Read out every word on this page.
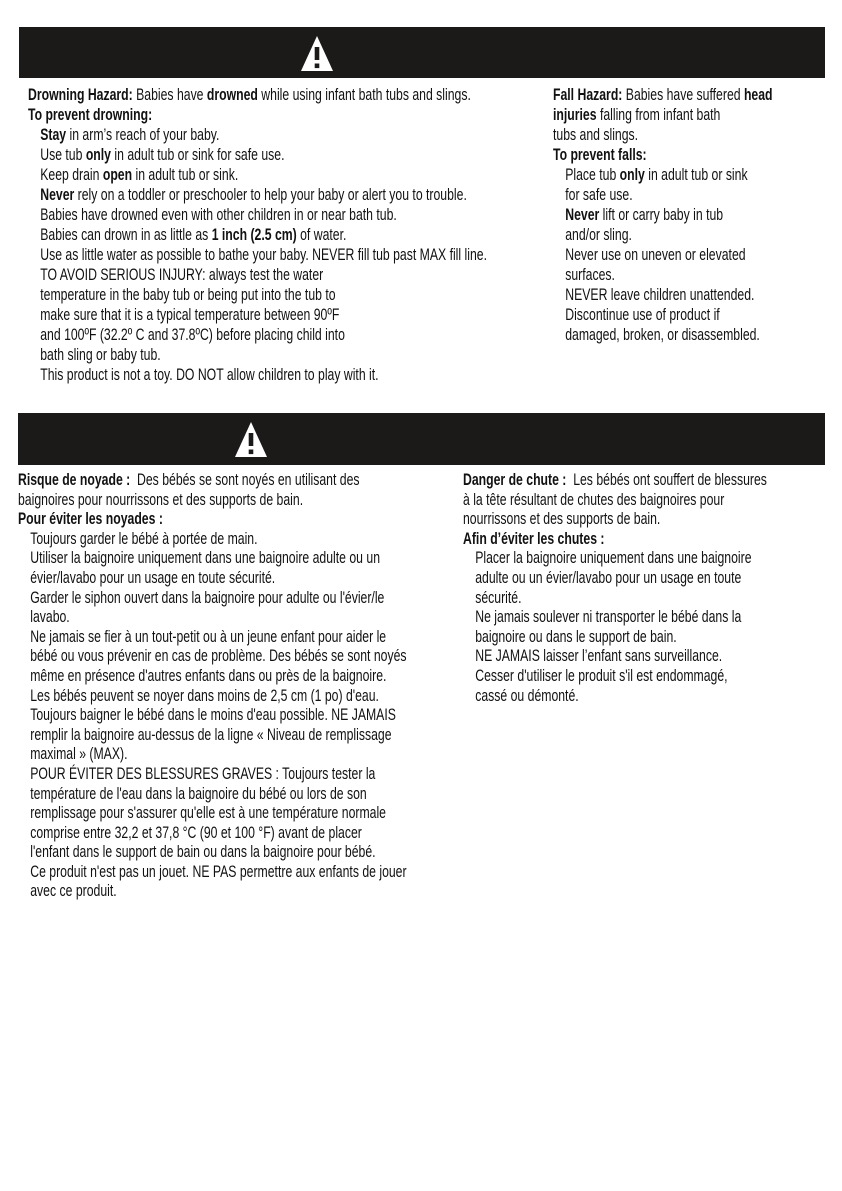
Drowning Hazard: Babies have drowned while using infant bath tubs and slings.
To prevent drowning:
Stay in arm’s reach of your baby.
Use tub only in adult tub or sink for safe use.
Keep drain open in adult tub or sink.
Never rely on a toddler or preschooler to help your baby or alert you to trouble.
Babies have drowned even with other children in or near bath tub.
Babies can drown in as little as 1 inch (2.5 cm) of water.
Use as little water as possible to bathe your baby. NEVER fill tub past MAX fill line.
TO AVOID SERIOUS INJURY: always test the water
temperature in the baby tub or being put into the tub to
make sure that it is a typical temperature between 90ºF
and 100ºF (32.2º C and 37.8ºC) before placing child into
bath sling or baby tub.
This product is not a toy. DO NOT allow children to play with it.
Fall Hazard: Babies have suffered head
injuries falling from infant bath
tubs and slings.
To prevent falls:
Place tub only in adult tub or sink
for safe use.
Never lift or carry baby in tub
and/or sling.
Never use on uneven or elevated
surfaces.
NEVER leave children unattended.
Discontinue use of product if
damaged, broken, or disassembled.
Risque de noyade :  Des bébés se sont noyés en utilisant des
baignoires pour nourrissons et des supports de bain.
Pour éviter les noyades :
Toujours garder le bébé à portée de main.
Utiliser la baignoire uniquement dans une baignoire adulte ou un
évier/lavabo pour un usage en toute sécurité.
Garder le siphon ouvert dans la baignoire pour adulte ou l'évier/le
lavabo.
Ne jamais se fier à un tout-petit ou à un jeune enfant pour aider le
bébé ou vous prévenir en cas de problème. Des bébés se sont noyés
même en présence d'autres enfants dans ou près de la baignoire.
Les bébés peuvent se noyer dans moins de 2,5 cm (1 po) d'eau.
Toujours baigner le bébé dans le moins d'eau possible. NE JAMAIS
remplir la baignoire au-dessus de la ligne « Niveau de remplissage
maximal » (MAX).
POUR ÉVITER DES BLESSURES GRAVES : Toujours tester la
température de l'eau dans la baignoire du bébé ou lors de son
remplissage pour s'assurer qu'elle est à une température normale
comprise entre 32,2 et 37,8 °C (90 et 100 °F) avant de placer
l'enfant dans le support de bain ou dans la baignoire pour bébé.
Ce produit n'est pas un jouet. NE PAS permettre aux enfants de jouer
avec ce produit.
Danger de chute :  Les bébés ont souffert de blessures
à la tête résultant de chutes des baignoires pour
nourrissons et des supports de bain.
Afin d’éviter les chutes :
Placer la baignoire uniquement dans une baignoire
adulte ou un évier/lavabo pour un usage en toute
sécurité.
Ne jamais soulever ni transporter le bébé dans la
baignoire ou dans le support de bain.
NE JAMAIS laisser l’enfant sans surveillance.
Cesser d'utiliser le produit s'il est endommagé,
cassé ou démonté.
